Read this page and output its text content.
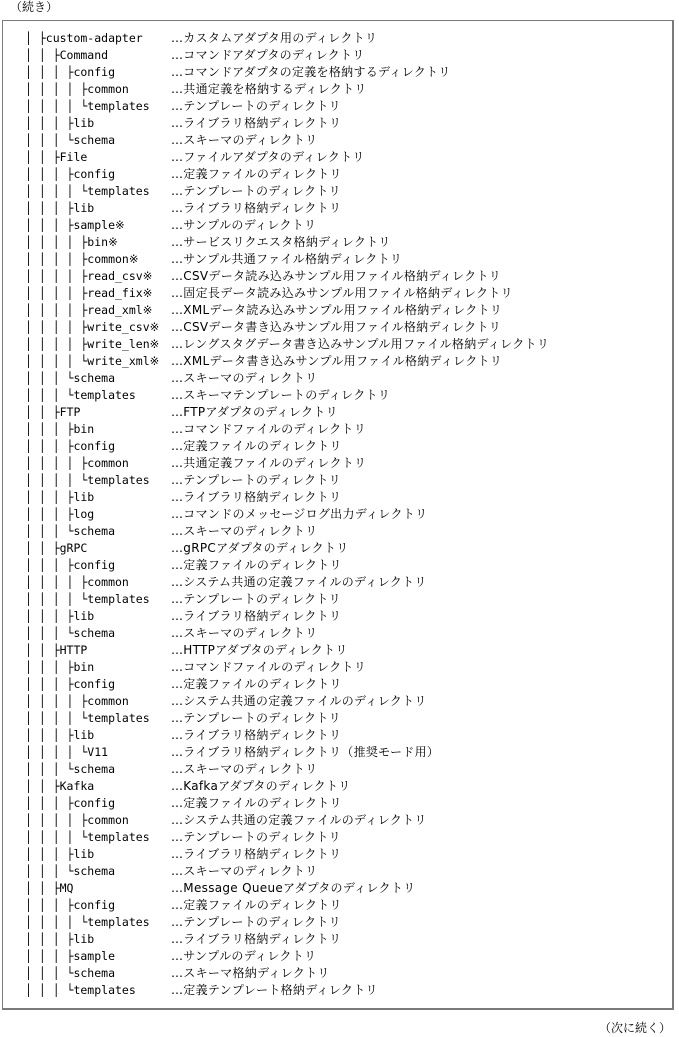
（続き）
│ ├custom-adapter …カスタムアダプタ用のディレクトリ
│ │ ├Command	…コマンドアダプタのディレクトリ
│ │ │ ├config	…コマンドアダプタの定義を格納するディレクトリ
│ │ │ │ ├common	…共通定義を格納するディレクトリ
│ │ │ │ └templates …テンプレートのディレクトリ
│ │ │ ├lib	…ライブラリ格納ディレクトリ
│ │ │ └schema	…スキーマのディレクトリ
│ │ ├File	…ファイルアダプタのディレクトリ
│ │ │ ├config	…定義ファイルのディレクトリ
│ │ │ │ └templates …テンプレートのディレクトリ
│ │ │ ├lib	…ライブラリ格納ディレクトリ
│ │ │ ├sample※	…サンプルのディレクトリ
│ │ │ │ ├bin※	…サービスリクエスタ格納ディレクトリ
│ │ │ │ ├common※	…サンプル共通ファイル格納ディレクトリ
│ │ │ │ ├read_csv※ …CSVデータ読み込みサンプル用ファイル格納ディレクトリ
│ │ │ │ ├read_fix※ …固定長データ読み込みサンプル用ファイル格納ディレクトリ
│ │ │ │ ├read_xml※ …XMLデータ読み込みサンプル用ファイル格納ディレクトリ
│ │ │ │ ├write_csv※ …CSVデータ書き込みサンプル用ファイル格納ディレクトリ
│ │ │ │ ├write_len※ …レングスタグデータ書き込みサンプル用ファイル格納ディレクトリ
│ │ │ │ └write_xml※ …XMLデータ書き込みサンプル用ファイル格納ディレクトリ
│ │ │ └schema	…スキーマのディレクトリ
│ │ │ └templates	…スキーマテンプレートのディレクトリ
│ │ ├FTP	…FTPアダプタのディレクトリ
│ │ │ ├bin	…コマンドファイルのディレクトリ
│ │ │ ├config	…定義ファイルのディレクトリ
│ │ │ │ ├common	…共通定義ファイルのディレクトリ
│ │ │ │ └templates …テンプレートのディレクトリ
│ │ │ ├lib	…ライブラリ格納ディレクトリ
│ │ │ ├log	…コマンドのメッセージログ出力ディレクトリ
│ │ │ └schema	…スキーマのディレクトリ
│ │ ├gRPC	…gRPCアダプタのディレクトリ
│ │ │ ├config	…定義ファイルのディレクトリ
│ │ │ │ ├common	…システム共通の定義ファイルのディレクトリ
│ │ │ │ └templates …テンプレートのディレクトリ
│ │ │ ├lib	…ライブラリ格納ディレクトリ
│ │ │ └schema	…スキーマのディレクトリ
│ │ ├HTTP	…HTTPアダプタのディレクトリ
│ │ │ ├bin	…コマンドファイルのディレクトリ
│ │ │ ├config	…定義ファイルのディレクトリ
│ │ │ │ ├common	…システム共通の定義ファイルのディレクトリ
│ │ │ │ └templates …テンプレートのディレクトリ
│ │ │ ├lib	…ライブラリ格納ディレクトリ
│ │ │ │ └V11	…ライブラリ格納ディレクトリ（推奨モード用）
│ │ │ └schema	…スキーマのディレクトリ
│ │ ├Kafka	…Kafkaアダプタのディレクトリ
│ │ │ ├config	…定義ファイルのディレクトリ
│ │ │ │ ├common	…システム共通の定義ファイルのディレクトリ
│ │ │ │ └templates …テンプレートのディレクトリ
│ │ │ ├lib	…ライブラリ格納ディレクトリ
│ │ │ └schema	…スキーマのディレクトリ
│ │ ├MQ	…Message Queueアダプタのディレクトリ
│ │ │ ├config	…定義ファイルのディレクトリ
│ │ │ │ └templates …テンプレートのディレクトリ
│ │ │ ├lib	…ライブラリ格納ディレクトリ
│ │ │ ├sample	…サンプルのディレクトリ
│ │ │ └schema	…スキーマ格納ディレクトリ
│ │ │ └templates	…定義テンプレート格納ディレクトリ
（次に続く）
